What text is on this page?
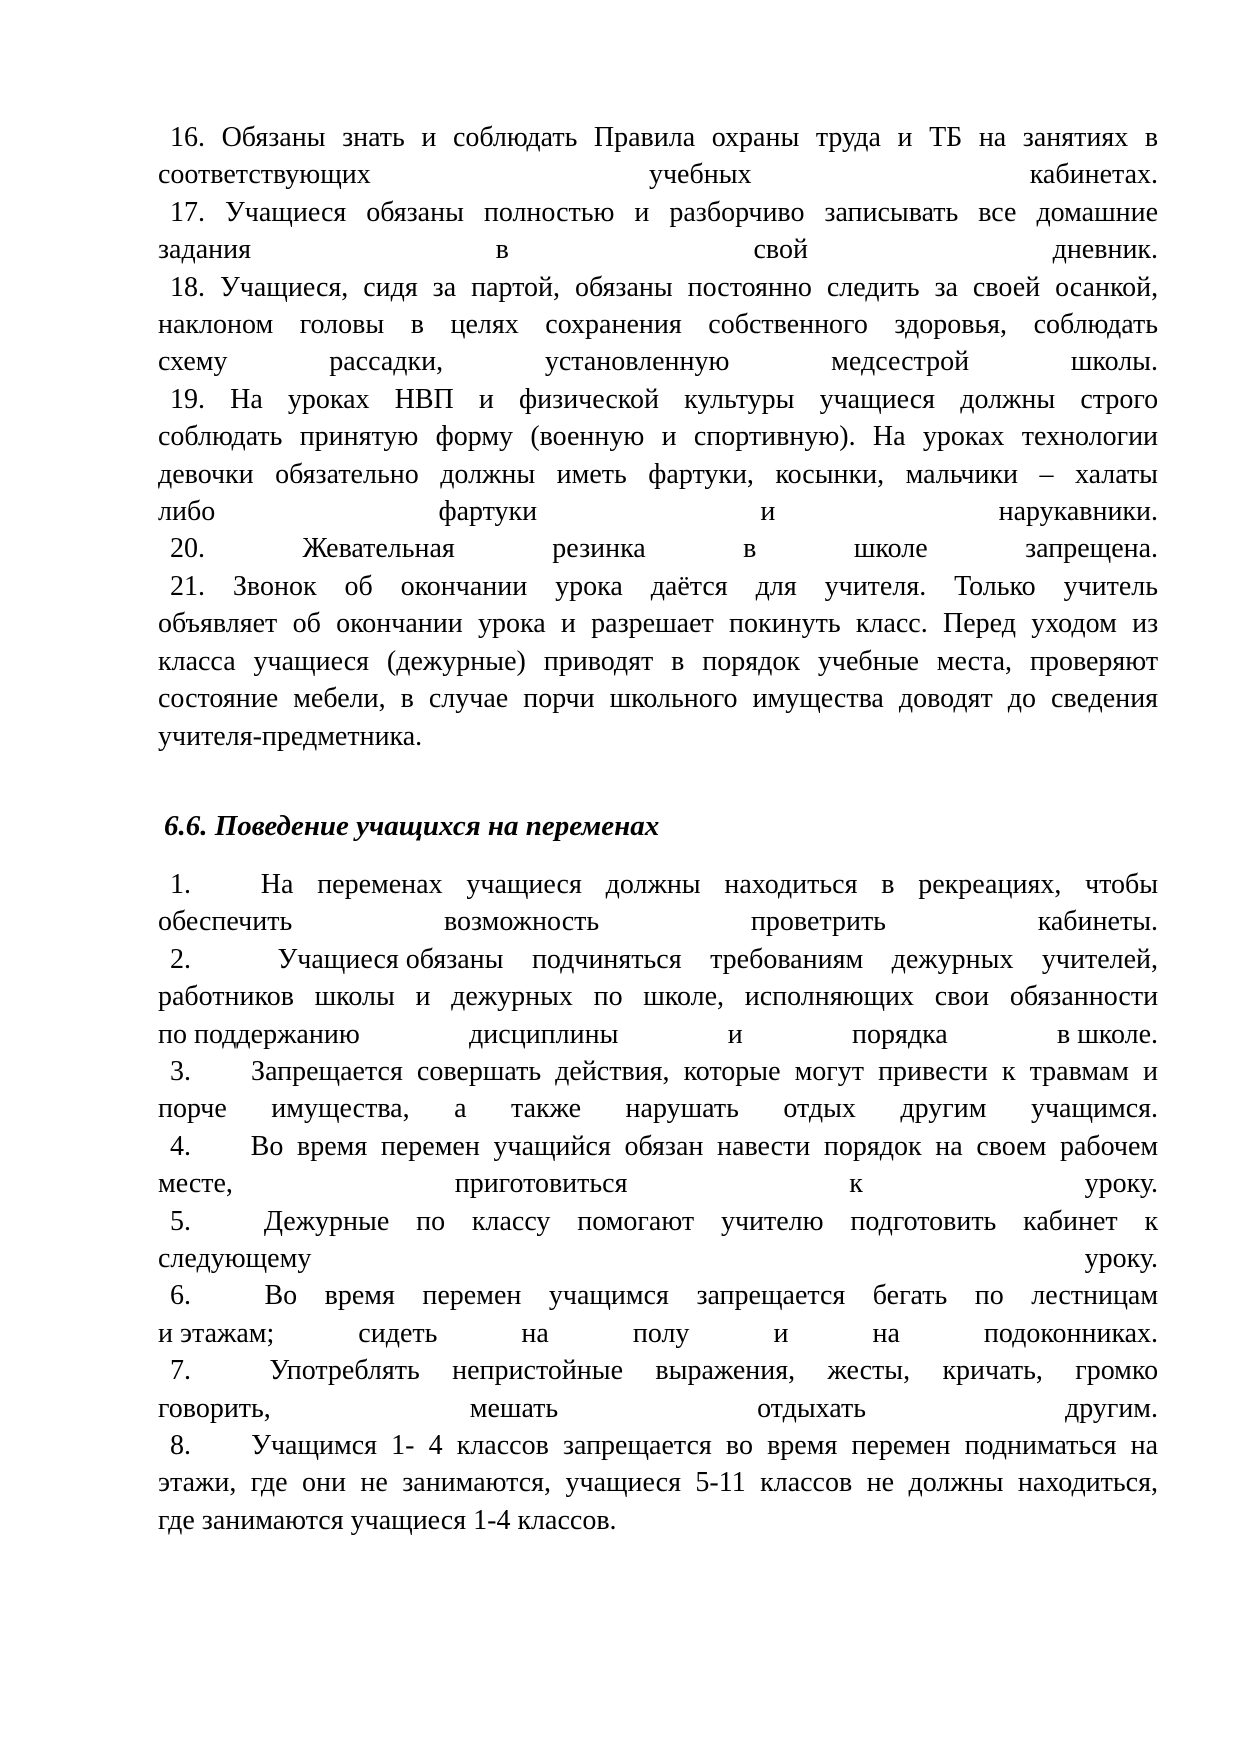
16. Обязаны знать и соблюдать Правила охраны труда и ТБ на занятиях в
соответствующих	учебных	кабинетах.
17. Учащиеся обязаны полностью и разборчиво записывать все домашние
задания	в	свой	дневник.
18. Учащиеся, сидя за партой, обязаны постоянно следить за своей осанкой,
наклоном головы в целях сохранения собственного здоровья, соблюдать
схему	рассадки,	установленную	медсестрой	школы.
19. На уроках НВП и физической культуры учащиеся должны строго
соблюдать принятую форму (военную и спортивную). На уроках технологии
девочки обязательно должны иметь фартуки, косынки, мальчики – халаты
либо	фартуки	и	нарукавники.
20.	Жевательная	резинка	в	школе	запрещена.
21. Звонок об окончании урока даётся для учителя. Только учитель
объявляет об окончании урока и разрешает покинуть класс. Перед уходом из
класса учащиеся (дежурные) приводят в порядок учебные места, проверяют
состояние мебели, в случае порчи школьного имущества доводят до сведения
учителя-предметника.
6.6. Поведение учащихся на переменах
1. На переменах учащиеся должны находиться в рекреациях, чтобы
обеспечить	возможность	проветрить	кабинеты.
2.	Учащиеся обязаны подчиняться требованиям дежурных учителей,
работников школы и дежурных по школе, исполняющих свои обязанности
по поддержанию	дисциплины	и	порядка	в школе.
3. Запрещается совершать действия, которые могут привести к травмам и
порче имущества, а также нарушать отдых другим учащимся.
4. Во время перемен учащийся обязан навести порядок на своем рабочем
месте,	приготовиться	к	уроку.
5.	Дежурные по классу помогают учителю подготовить кабинет к
следующему	уроку.
6.	Во время перемен учащимся запрещается бегать по лестницам
и этажам;	сидеть	на	полу	и	на	подоконниках.
7.	Употреблять непристойные выражения, жесты, кричать, громко
говорить,	мешать	отдыхать	другим.
8. Учащимся 1- 4 классов запрещается во время перемен подниматься на
этажи, где они не занимаются, учащиеся 5-11 классов не должны находиться,
где занимаются учащиеся 1-4 классов.
